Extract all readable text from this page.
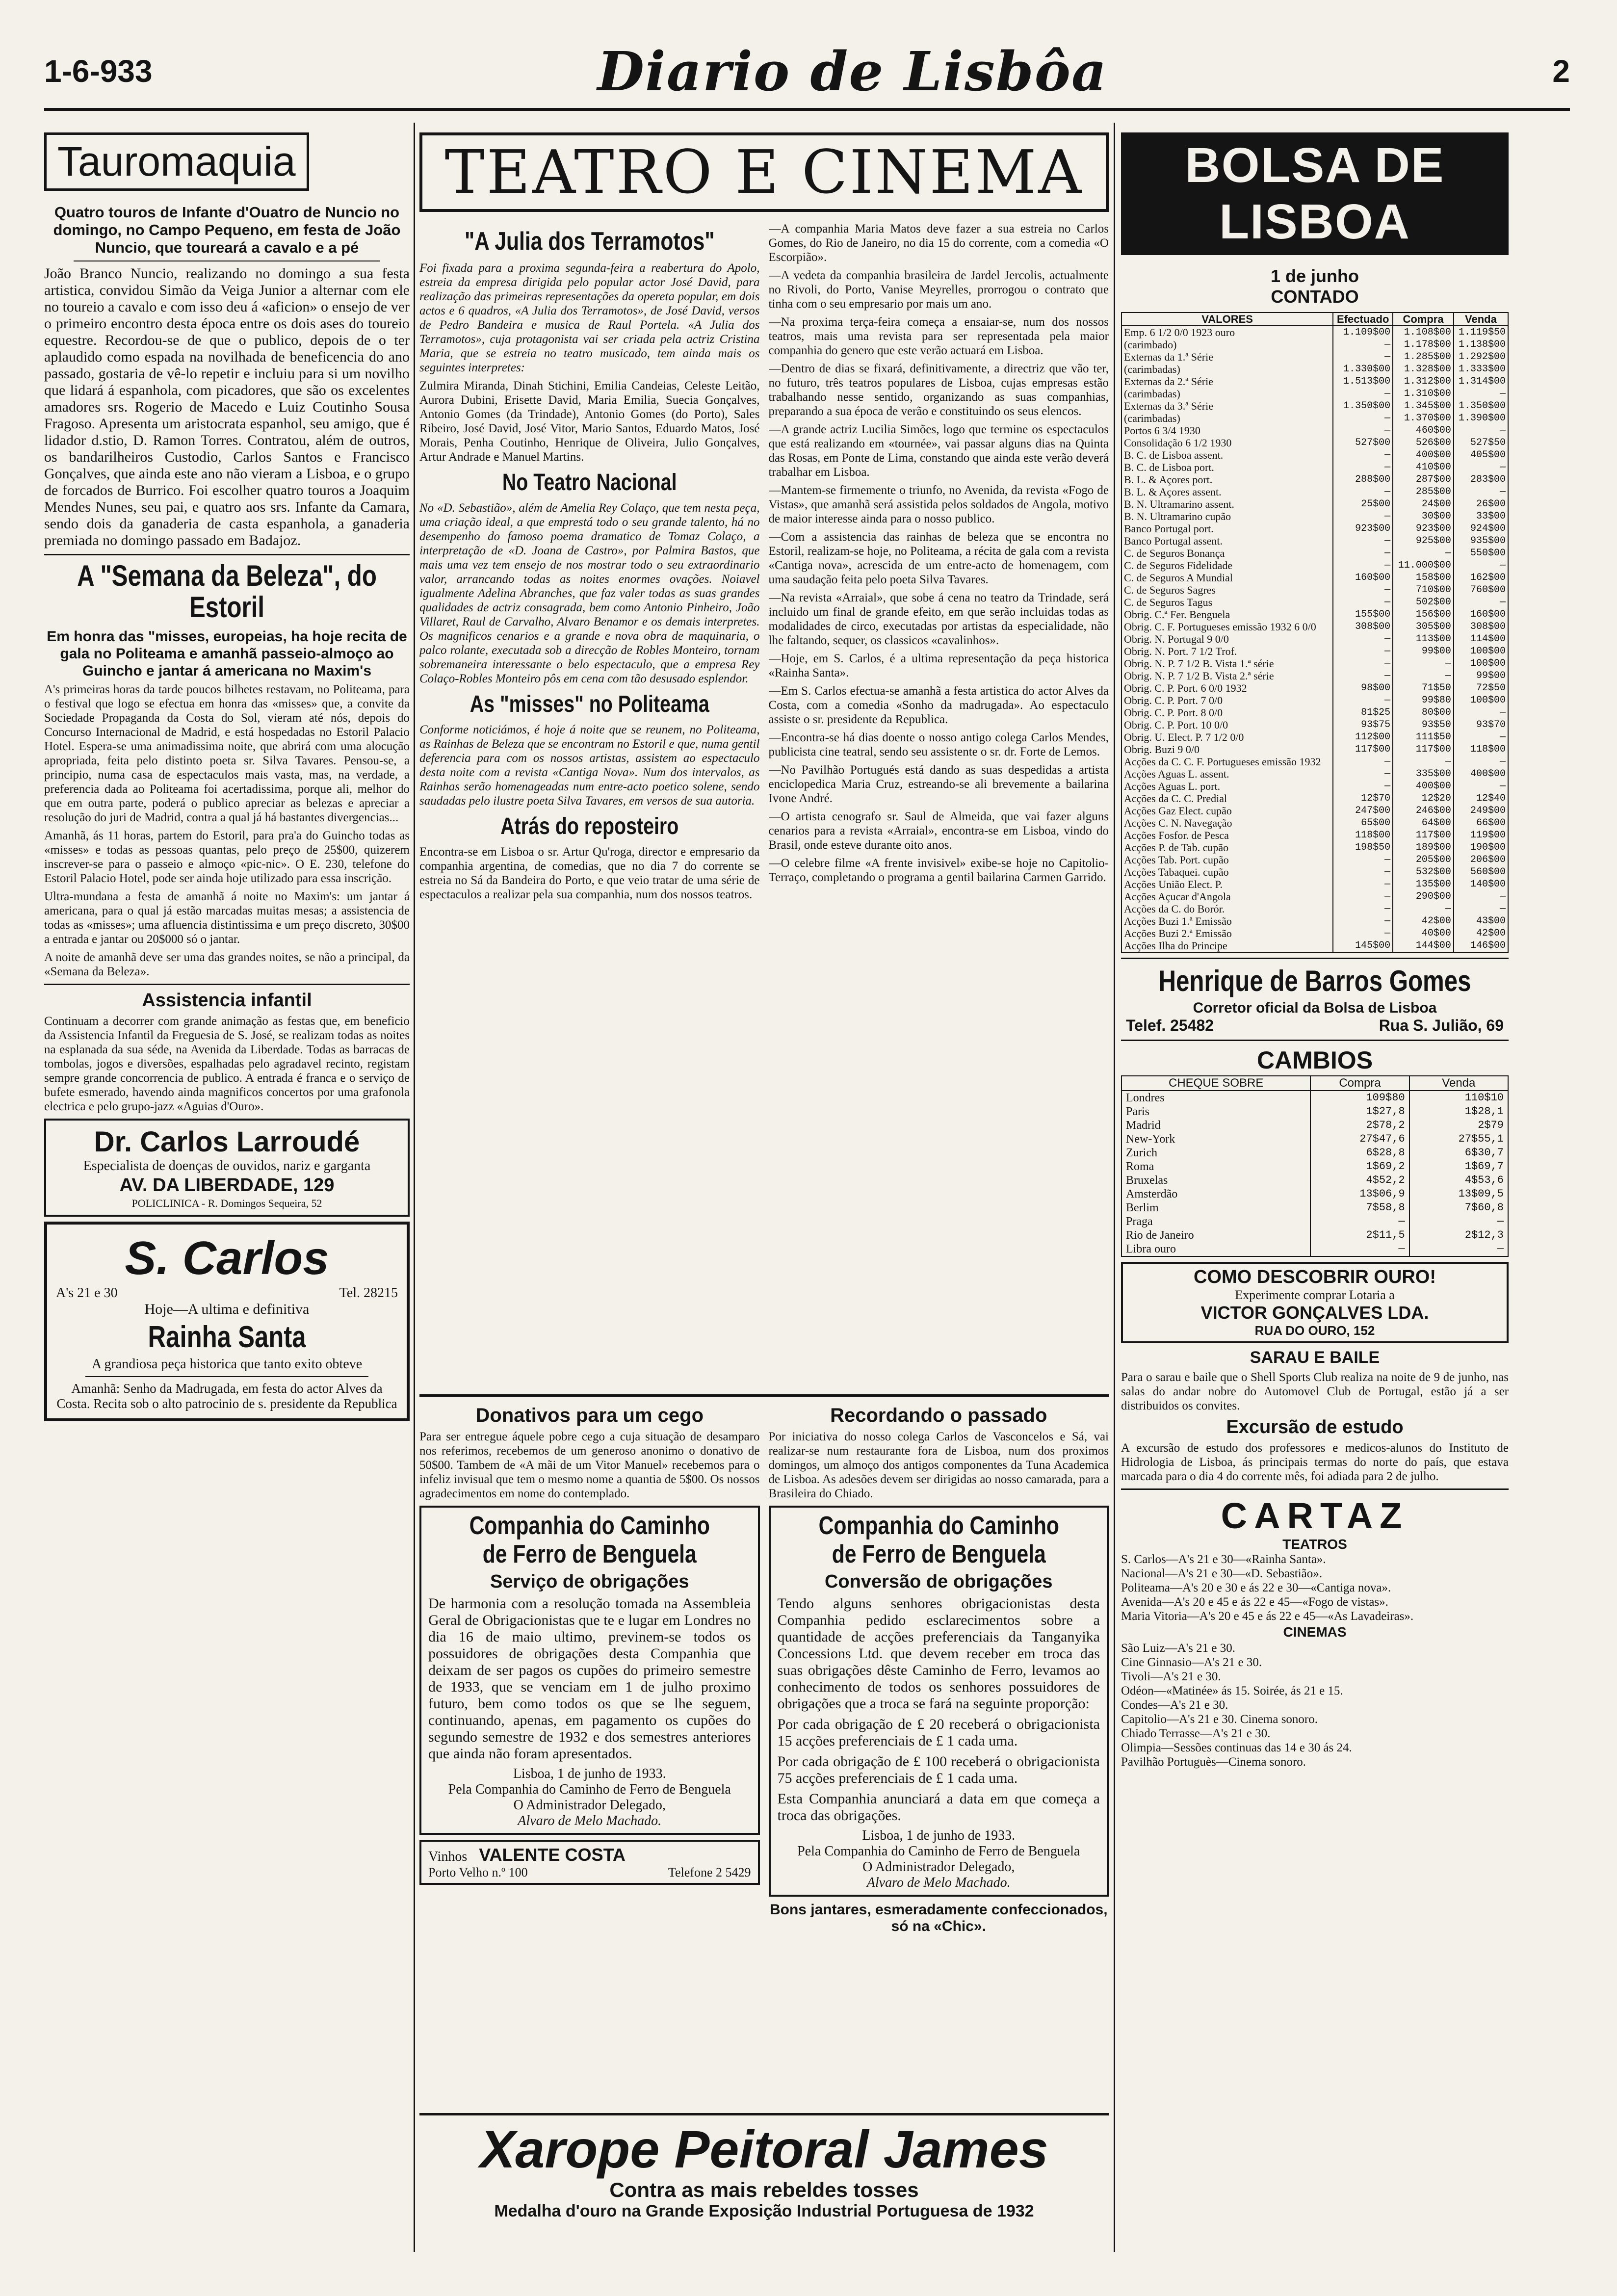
1-6-933	Diario de Lisbôa	2
Tauromaquia
Quatro touros de Infante d'Ouatro de Nuncio no domingo, no Campo Pequeno, em festa de João Nuncio, que toureará a cavalo e a pé

João Branco Nuncio, realizando no domingo a sua festa artistica, convidou Simão da Veiga Junior a alternar com ele no toureio a cavalo e com isso deu á «aficion» o ensejo de ver o primeiro encontro desta época entre os dois ases do toureio equestre. Recordou-se de que o publico, depois de o ter aplaudido como espada na novilhada de beneficencia do ano passado, gostaria de vê-lo repetir e incluiu para si um novilho que lidará á espanhola, com picadores, que são os excelentes amadores srs. Rogerio de Macedo e Luiz Coutinho Sousa Fragoso. Apresenta um aristocrata espanhol, seu amigo, que é lidador d.stio, D. Ramon Torres. Contratou, além de outros, os bandarilheiros Custodio, Carlos Santos e Francisco Gonçalves, que ainda este ano não vieram a Lisboa, e o grupo de forcados de Burrico. Foi escolher quatro touros a Joaquim Mendes Nunes, seu pai, e quatro aos srs. Infante da Camara, sendo dois da ganaderia de casta espanhola, a ganaderia premiada no domingo passado em Badajoz.

A "Semana da Beleza", do Estoril
Em honra das "misses, europeias, ha hoje recita de gala no Politeama e amanhã passeio-almoço ao Guincho e jantar á americana no Maxim's

A's primeiras horas da tarde poucos bilhetes restavam, no Politeama, para o festival que logo se efectua em honra das «misses» que, a convite da Sociedade Propaganda da Costa do Sol, vieram até nós, depois do Concurso Internacional de Madrid, e está hospedadas no Estoril Palacio Hotel. Espera-se uma animadissima noite, que abrirá com uma alocução apropriada, feita pelo distinto poeta sr. Silva Tavares. Pensou-se, a principio, numa casa de espectaculos mais vasta, mas, na verdade, a preferencia dada ao Politeama foi acertadissima, porque ali, melhor do que em outra parte, poderá o publico apreciar as belezas e apreciar a resolução do juri de Madrid, contra a qual já há bastantes divergencias...

Amanhã, ás 11 horas, partem do Estoril, para pra'a do Guincho todas as «misses» e todas as pessoas quantas, pelo preço de 25$00, quizerem inscrever-se para o passeio e almoço «pic-nic». O E. 230, telefone do Estoril Palacio Hotel, pode ser ainda hoje utilizado para essa inscrição.

Ultra-mundana a festa de amanhã á noite no Maxim's: um jantar á americana, para o qual já estão marcadas muitas mesas; a assistencia de todas as «misses»; uma afluencia distintissima e um preço discreto, 30$00 a entrada e jantar ou 20$000 só o jantar.

A noite de amanhã deve ser uma das grandes noites, se não a principal, da «Semana da Beleza».

Assistencia infantil

Continuam a decorrer com grande animação as festas que, em beneficio da Assistencia Infantil da Freguesia de S. José, se realizam todas as noites na esplanada da sua séde, na Avenida da Liberdade. Todas as barracas de tombolas, jogos e diversões, espalhadas pelo agradavel recinto, registam sempre grande concorrencia de publico. A entrada é franca e o serviço de bufete esmerado, havendo ainda magnificos concertos por uma grafonola electrica e pelo grupo-jazz «Aguias d'Ouro».

Dr. Carlos Larroudé
Especialista de doenças de ouvidos, nariz e garganta
AV. DA LIBERDADE, 129
POLICLINICA - R. Domingos Sequeira, 52
S. Carlos
A's 21 e 30	Tel. 28215
Hoje—A ultima e definitiva
Rainha Santa
A grandiosa peça historica que tanto exito obteve
Amanhã: Senho da Madrugada, em festa do actor Alves da Costa. Recita sob o alto patrocinio de s. presidente da Republica
TEATRO E CINEMA
"A Julia dos Terramotos"

Foi fixada para a proxima segunda-feira a reabertura do Apolo, estreia da empresa dirigida pelo popular actor José David, para realização das primeiras representações da opereta popular, em dois actos e 6 quadros, «A Julia dos Terramotos», de José David, versos de Pedro Bandeira e musica de Raul Portela. «A Julia dos Terramotos», cuja protagonista vai ser criada pela actriz Cristina Maria, que se estreia no teatro musicado, tem ainda mais os seguintes interpretes:

Zulmira Miranda, Dinah Stichini, Emilia Candeias, Celeste Leitão, Aurora Dubini, Erisette David, Maria Emilia, Suecia Gonçalves, Antonio Gomes (da Trindade), Antonio Gomes (do Porto), Sales Ribeiro, José David, José Vitor, Mario Santos, Eduardo Matos, José Morais, Penha Coutinho, Henrique de Oliveira, Julio Gonçalves, Artur Andrade e Manuel Martins.

No Teatro Nacional

No «D. Sebastião», além de Amelia Rey Colaço, que tem nesta peça, uma criação ideal, a que emprestá todo o seu grande talento, há no desempenho do famoso poema dramatico de Tomaz Colaço, a interpretação de «D. Joana de Castro», por Palmira Bastos, que mais uma vez tem ensejo de nos mostrar todo o seu extraordinario valor, arrancando todas as noites enormes ovações. Noiavel igualmente Adelina Abranches, que faz valer todas as suas grandes qualidades de actriz consagrada, bem como Antonio Pinheiro, João Villaret, Raul de Carvalho, Alvaro Benamor e os demais interpretes. Os magnificos cenarios e a grande e nova obra de maquinaria, o palco rolante, executada sob a direcção de Robles Monteiro, tornam sobremaneira interessante o belo espectaculo, que a empresa Rey Colaço-Robles Monteiro pôs em cena com tão desusado esplendor.

As "misses" no Politeama

Conforme noticiámos, é hoje á noite que se reunem, no Politeama, as Rainhas de Beleza que se encontram no Estoril e que, numa gentil deferencia para com os nossos artistas, assistem ao espectaculo desta noite com a revista «Cantiga Nova». Num dos intervalos, as Rainhas serão homenageadas num entre-acto poetico solene, sendo saudadas pelo ilustre poeta Silva Tavares, em versos de sua autoria.

Atrás do reposteiro

Encontra-se em Lisboa o sr. Artur Qu'roga, director e empresario da companhia argentina, de comedias, que no dia 7 do corrente se estreia no Sá da Bandeira do Porto, e que veio tratar de uma série de espectaculos a realizar pela sua companhia, num dos nossos teatros.

—A companhia Maria Matos deve fazer a sua estreia no Carlos Gomes, do Rio de Janeiro, no dia 15 do corrente, com a comedia «O Escorpião».

—A vedeta da companhia brasileira de Jardel Jercolis, actualmente no Rivoli, do Porto, Vanise Meyrelles, prorrogou o contrato que tinha com o seu empresario por mais um ano.

—Na proxima terça-feira começa a ensaiar-se, num dos nossos teatros, mais uma revista para ser representada pela maior companhia do genero que este verão actuará em Lisboa.

—Dentro de dias se fixará, definitivamente, a directriz que vão ter, no futuro, três teatros populares de Lisboa, cujas empresas estão trabalhando nesse sentido, organizando as suas companhias, preparando a sua época de verão e constituindo os seus elencos.

—A grande actriz Lucilia Simões, logo que termine os espectaculos que está realizando em «tournée», vai passar alguns dias na Quinta das Rosas, em Ponte de Lima, constando que ainda este verão deverá trabalhar em Lisboa.

—Mantem-se firmemente o triunfo, no Avenida, da revista «Fogo de Vistas», que amanhã será assistida pelos soldados de Angola, motivo de maior interesse ainda para o nosso publico.

—Com a assistencia das rainhas de beleza que se encontra no Estoril, realizam-se hoje, no Politeama, a récita de gala com a revista «Cantiga nova», acrescida de um entre-acto de homenagem, com uma saudação feita pelo poeta Silva Tavares.

—Na revista «Arraial», que sobe á cena no teatro da Trindade, será incluido um final de grande efeito, em que serão incluidas todas as modalidades de circo, executadas por artistas da especialidade, não lhe faltando, sequer, os classicos «cavalinhos».

—Hoje, em S. Carlos, é a ultima representação da peça historica «Rainha Santa».

—Em S. Carlos efectua-se amanhã a festa artistica do actor Alves da Costa, com a comedia «Sonho da madrugada». Ao espectaculo assiste o sr. presidente da Republica.

—Encontra-se há dias doente o nosso antigo colega Carlos Mendes, publicista cine teatral, sendo seu assistente o sr. dr. Forte de Lemos.

—No Pavilhão Portugués está dando as suas despedidas a artista enciclopedica Maria Cruz, estreando-se ali brevemente a bailarina Ivone André.

—O artista cenografo sr. Saul de Almeida, que vai fazer alguns cenarios para a revista «Arraial», encontra-se em Lisboa, vindo do Brasil, onde esteve durante oito anos.

—O celebre filme «A frente invisivel» exibe-se hoje no Capitolio-Terraço, completando o programa a gentil bailarina Carmen Garrido.

Donativos para um cego

Para ser entregue áquele pobre cego a cuja situação de desamparo nos referimos, recebemos de um generoso anonimo o donativo de 50$00. Tambem de «A mãi de um Vitor Manuel» recebemos para o infeliz invisual que tem o mesmo nome a quantia de 5$00. Os nossos agradecimentos em nome do contemplado.

Companhia do Caminho de Ferro de Benguela
Serviço de obrigações

De harmonia com a resolução tomada na Assembleia Geral de Obrigacionistas que te e lugar em Londres no dia 16 de maio ultimo, previnem-se todos os possuidores de obrigações desta Companhia que deixam de ser pagos os cupões do primeiro semestre de 1933, que se venciam em 1 de julho proximo futuro, bem como todos os que se lhe seguem, continuando, apenas, em pagamento os cupões do segundo semestre de 1932 e dos semestres anteriores que ainda não foram apresentados.

Lisboa, 1 de junho de 1933.
Pela Companhia do Caminho de Ferro de Benguela
O Administrador Delegado,
Alvaro de Melo Machado.
Vinhos VALENTE COSTA
Porto Velho n.º 100	Telefone 2 5429
Recordando o passado

Por iniciativa do nosso colega Carlos de Vasconcelos e Sá, vai realizar-se num restaurante fora de Lisboa, num dos proximos domingos, um almoço dos antigos componentes da Tuna Academica de Lisboa. As adesões devem ser dirigidas ao nosso camarada, para a Brasileira do Chiado.

Companhia do Caminho de Ferro de Benguela
Conversão de obrigações

Tendo alguns senhores obrigacionistas desta Companhia pedido esclarecimentos sobre a quantidade de acções preferenciais da Tanganyika Concessions Ltd. que devem receber em troca das suas obrigações dêste Caminho de Ferro, levamos ao conhecimento de todos os senhores possuidores de obrigações que a troca se fará na seguinte proporção:

Por cada obrigação de £ 20 receberá o obrigacionista 15 acções preferenciais de £ 1 cada uma.

Por cada obrigação de £ 100 receberá o obrigacionista 75 acções preferenciais de £ 1 cada uma.

Esta Companhia anunciará a data em que começa a troca das obrigações.

Lisboa, 1 de junho de 1933.
Pela Companhia do Caminho de Ferro de Benguela
O Administrador Delegado,
Alvaro de Melo Machado.
Bons jantares, esmeradamente confeccionados, só na «Chic».
Xarope Peitoral James
Contra as mais rebeldes tosses
Medalha d'ouro na Grande Exposição Industrial Portuguesa de 1932
BOLSA DE LISBOA
1 de junho
CONTADO
VALORES	Efectuado	Compra	Venda
Emp. 6 1/2 0/0 1923 ouro	1.109$00	1.108$00	1.119$50
(carimbado)	—	1.178$00	1.138$00
Externas da 1.ª Série	—	1.285$00	1.292$00
(carimbadas)	1.330$00	1.328$00	1.333$00
Externas da 2.ª Série	1.513$00	1.312$00	1.314$00
(carimbadas)	—	1.310$00	—
Externas da 3.ª Série	1.350$00	1.345$00	1.350$00
(carimbadas)	—	1.370$00	1.390$00
Portos 6 3/4 1930	—	460$00	—
Consolidação 6 1/2 1930	527$00	526$00	527$50
B. C. de Lisboa assent.	—	400$00	405$00
B. C. de Lisboa port.	—	410$00	—
B. L. & Açores port.	288$00	287$00	283$00
B. L. & Açores assent.	—	285$00	—
B. N. Ultramarino assent.	25$00	24$00	26$00
B. N. Ultramarino cupão	—	30$00	33$00
Banco Portugal port.	923$00	923$00	924$00
Banco Portugal assent.	—	925$00	935$00
C. de Seguros Bonança	—	—	550$00
C. de Seguros Fidelidade	—	11.000$00	—
C. de Seguros A Mundial	160$00	158$00	162$00
C. de Seguros Sagres	—	710$00	760$00
C. de Seguros Tagus	—	502$00	—
Obrig. C.ª Fer. Benguela	155$00	156$00	160$00
Obrig. C. F. Portugueses emissão 1932 6 0/0	308$00	305$00	308$00
Obrig. N. Portugal 9 0/0	—	113$00	114$00
Obrig. N. Port. 7 1/2 Trof.	—	99$00	100$00
Obrig. N. P. 7 1/2 B. Vista 1.ª série	—	—	100$00
Obrig. N. P. 7 1/2 B. Vista 2.ª série	—	—	99$00
Obrig. C. P. Port. 6 0/0 1932	98$00	71$50	72$50
Obrig. C. P. Port. 7 0/0	—	99$80	100$00
Obrig. C. P. Port. 8 0/0	81$25	80$00	—
Obrig. C. P. Port. 10 0/0	93$75	93$50	93$70
Obrig. U. Elect. P. 7 1/2 0/0	112$00	111$50	—
Obrig. Buzi 9 0/0	117$00	117$00	118$00
Acções da C. C. F. Portugueses emissão 1932	—	—	—
Acções Aguas L. assent.	—	335$00	400$00
Acções Aguas L. port.	—	400$00	—
Acções da C. C. Predial	12$70	12$20	12$40
Acções Gaz Elect. cupão	247$00	246$00	249$00
Acções C. N. Navegação	65$00	64$00	66$00
Acções Fosfor. de Pesca	118$00	117$00	119$00
Acções P. de Tab. cupão	198$50	189$00	190$00
Acções Tab. Port. cupão	—	205$00	206$00
Acções Tabaquei. cupão	—	532$00	560$00
Acções União Elect. P.	—	135$00	140$00
Acções Açucar d'Angola	—	290$00	—
Acções da C. do Borór.	—	—	—
Acções Buzi 1.ª Emissão	—	42$00	43$00
Acções Buzi 2.ª Emissão	—	40$00	42$00
Acções Ilha do Principe	145$00	144$00	146$00
Henrique de Barros Gomes
Corretor oficial da Bolsa de Lisboa
Telef. 25482	Rua S. Julião, 69
CAMBIOS
CHEQUE SOBRE	Compra	Venda
Londres	109$80	110$10
Paris	1$27,8	1$28,1
Madrid	2$78,2	2$79
New-York	27$47,6	27$55,1
Zurich	6$28,8	6$30,7
Roma	1$69,2	1$69,7
Bruxelas	4$52,2	4$53,6
Amsterdão	13$06,9	13$09,5
Berlim	7$58,8	7$60,8
Praga	—	—
Rio de Janeiro	2$11,5	2$12,3
Libra ouro	—	—
COMO DESCOBRIR OURO!
Experimente comprar Lotaria a
VICTOR GONÇALVES LDA.
RUA DO OURO, 152
SARAU E BAILE

Para o sarau e baile que o Shell Sports Club realiza na noite de 9 de junho, nas salas do andar nobre do Automovel Club de Portugal, estão já a ser distribuidos os convites.

Excursão de estudo

A excursão de estudo dos professores e medicos-alunos do Instituto de Hidrologia de Lisboa, ás principais termas do norte do país, que estava marcada para o dia 4 do corrente mês, foi adiada para 2 de julho.

CARTAZ
TEATROS

S. Carlos—A's 21 e 30—«Rainha Santa».

Nacional—A's 21 e 30—«D. Sebastião».

Politeama—A's 20 e 30 e ás 22 e 30—«Cantiga nova».

Avenida—A's 20 e 45 e ás 22 e 45—«Fogo de vistas».

Maria Vitoria—A's 20 e 45 e ás 22 e 45—«As Lavadeiras».

CINEMAS

São Luiz—A's 21 e 30.

Cine Ginnasio—A's 21 e 30.

Tivoli—A's 21 e 30.

Odéon—«Matinée» ás 15. Soirée, ás 21 e 15.

Condes—A's 21 e 30.

Capitolio—A's 21 e 30. Cinema sonoro.

Chiado Terrasse—A's 21 e 30.

Olimpia—Sessões continuas das 14 e 30 ás 24.

Pavilhão Portuguès—Cinema sonoro.
